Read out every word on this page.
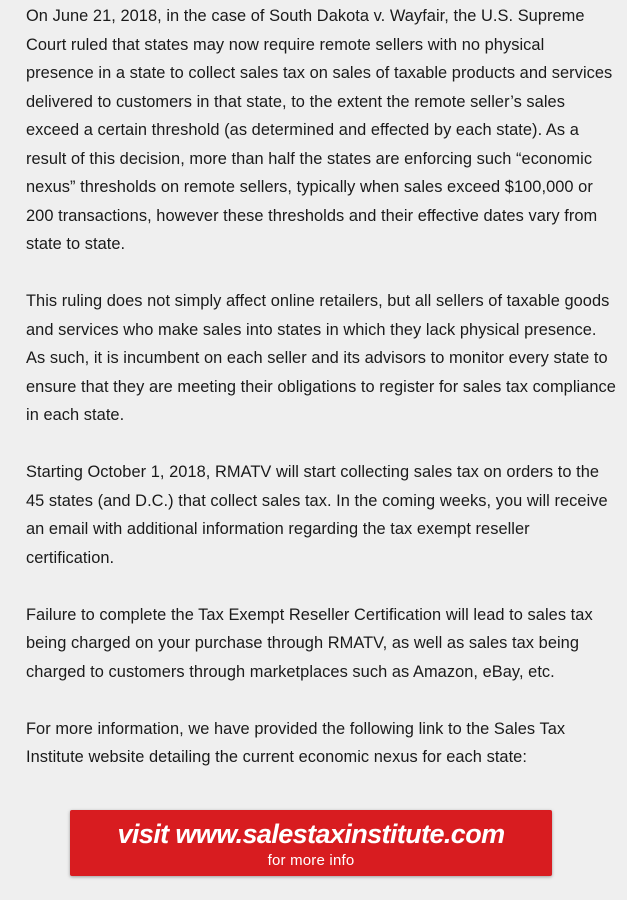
On June 21, 2018, in the case of South Dakota v. Wayfair, the U.S. Supreme Court ruled that states may now require remote sellers with no physical presence in a state to collect sales tax on sales of taxable products and services delivered to customers in that state, to the extent the remote seller’s sales exceed a certain threshold (as determined and effected by each state). As a result of this decision, more than half the states are enforcing such “economic nexus” thresholds on remote sellers, typically when sales exceed $100,000 or 200 transactions, however these thresholds and their effective dates vary from state to state.

This ruling does not simply affect online retailers, but all sellers of taxable goods and services who make sales into states in which they lack physical presence. As such, it is incumbent on each seller and its advisors to monitor every state to ensure that they are meeting their obligations to register for sales tax compliance in each state.

Starting October 1, 2018, RMATV will start collecting sales tax on orders to the 45 states (and D.C.) that collect sales tax. In the coming weeks, you will receive an email with additional information regarding the tax exempt reseller certification.

Failure to complete the Tax Exempt Reseller Certification will lead to sales tax being charged on your purchase through RMATV, as well as sales tax being charged to customers through marketplaces such as Amazon, eBay, etc.

For more information, we have provided the following link to the Sales Tax Institute website detailing the current economic nexus for each state:

visit www.salestaxinstitute.com
for more info
